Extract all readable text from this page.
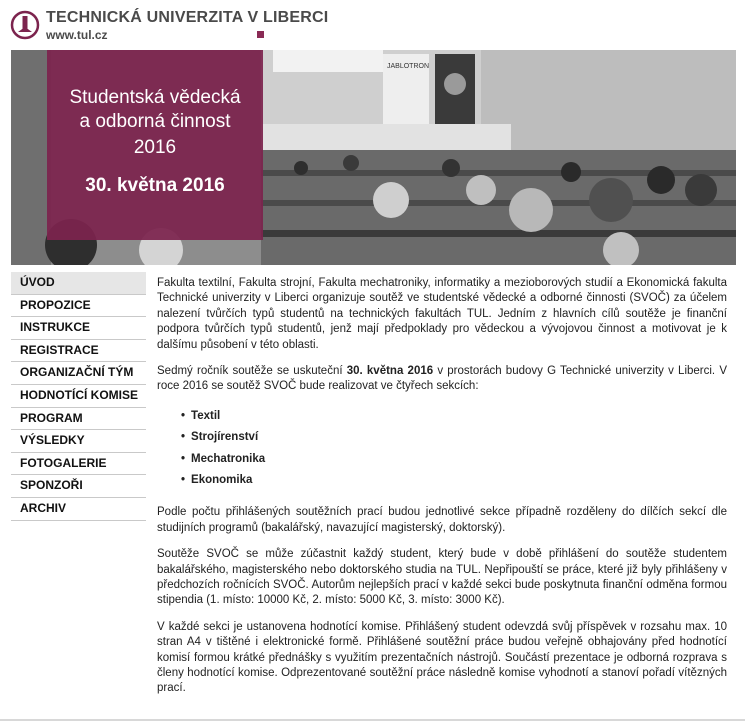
TECHNICKÁ UNIVERZITA V LIBERCI
www.tul.cz
JABLOTRON
Studentská vědecká
a odborná činnost
2016
30. května 2016
ÚVOD
PROPOZICE
INSTRUKCE
REGISTRACE
ORGANIZAČNÍ TÝM
HODNOTÍCÍ KOMISE
PROGRAM
VÝSLEDKY
FOTOGALERIE
SPONZOŘI
ARCHIV

Fakulta textilní, Fakulta strojní, Fakulta mechatroniky, informatiky a mezioborových studií a Ekonomická fakulta Technické univerzity v Liberci organizuje soutěž ve studentské vědecké a odborné činnosti (SVOČ) za účelem nalezení tvůrčích typů studentů na technických fakultách TUL. Jedním z hlavních cílů soutěže je finanční podpora tvůrčích typů studentů, jenž mají předpoklady pro vědeckou a vývojovou činnost a motivovat je k dalšímu působení v této oblasti.

Sedmý ročník soutěže se uskuteční 30. května 2016 v prostorách budovy G Technické univerzity v Liberci. V roce 2016 se soutěž SVOČ bude realizovat ve čtyřech sekcích:

• Textil
• Strojírenství
• Mechatronika
• Ekonomika

Podle počtu přihlášených soutěžních prací budou jednotlivé sekce případně rozděleny do dílčích sekcí dle studijních programů (bakalářský, navazující magisterský, doktorský).

Soutěže SVOČ se může zúčastnit každý student, který bude v době přihlášení do soutěže studentem bakalářského, magisterského nebo doktorského studia na TUL. Nepřipouští se práce, které již byly přihlášeny v předchozích ročnících SVOČ. Autorům nejlepších prací v každé sekci bude poskytnuta finanční odměna formou stipendia (1. místo: 10000 Kč, 2. místo: 5000 Kč, 3. místo: 3000 Kč).

V každé sekci je ustanovena hodnotící komise. Přihlášený student odevzdá svůj příspěvek v rozsahu max. 10 stran A4 v tištěné i elektronické formě. Přihlášené soutěžní práce budou veřejně obhajovány před hodnotící komisí formou krátké přednášky s využitím prezentačních nástrojů. Součástí prezentace je odborná rozprava s členy hodnotící komise. Odprezentované soutěžní práce následně komise vyhodnotí a stanoví pořadí vítězných prací.
